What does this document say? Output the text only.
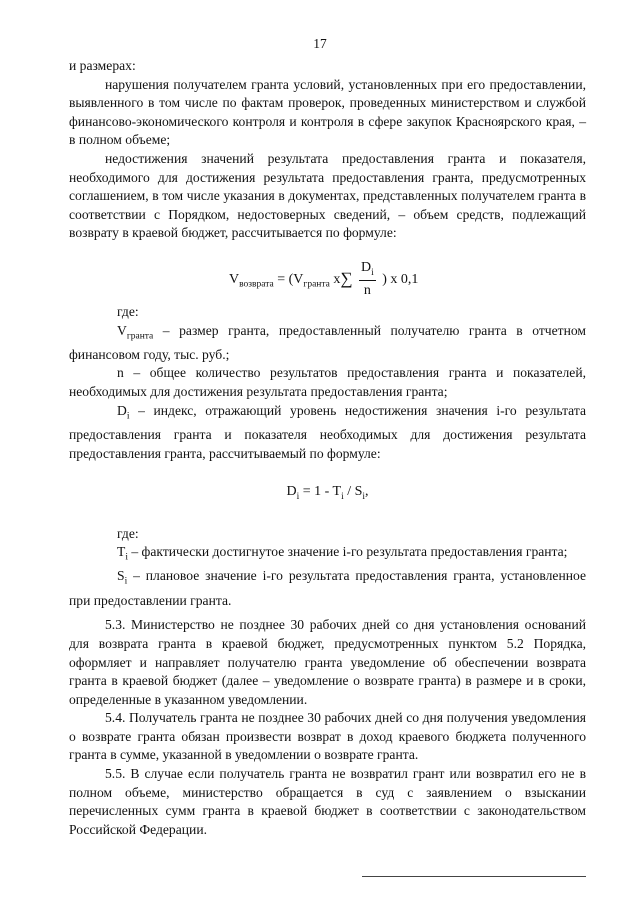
17

и размерах:

нарушения получателем гранта условий, установленных при его предоставлении, выявленного в том числе по фактам проверок, проведенных министерством и службой финансово-экономического контроля и контроля в сфере закупок Красноярского края, – в полном объеме;

недостижения значений результата предоставления гранта и показателя, необходимого для достижения результата предоставления гранта, предусмотренных соглашением, в том числе указания в документах, представленных получателем гранта в соответствии с Порядком, недостоверных сведений, – объем средств, подлежащий возврату в краевой бюджет, рассчитывается по формуле:

$V_{возврата} = (V_{гранта}$ $x\sum \frac{D_i}{n}$ ) x 0,1

где:

$V_{гранта}$ – размер гранта, предоставленный получателю гранта в отчетном финансовом году, тыс. руб.;

n – общее количество результатов предоставления гранта и показателей, необходимых для достижения результата предоставления гранта;

$D_i$ – индекс, отражающий уровень недостижения значения i-го результата предоставления гранта и показателя необходимых для достижения результата предоставления гранта, рассчитываемый по формуле:

$D_i = 1 - T_i / S_i$,

где:

$T_i$ – фактически достигнутое значение i-го результата предоставления гранта;

$S_i$ – плановое значение i-го результата предоставления гранта, установленное при предоставлении гранта.

5.3. Министерство не позднее 30 рабочих дней со дня установления оснований для возврата гранта в краевой бюджет, предусмотренных пунктом 5.2 Порядка, оформляет и направляет получателю гранта уведомление об обеспечении возврата гранта в краевой бюджет (далее – уведомление о возврате гранта) в размере и в сроки, определенные в указанном уведомлении.

5.4. Получатель гранта не позднее 30 рабочих дней со дня получения уведомления о возврате гранта обязан произвести возврат в доход краевого бюджета полученного гранта в сумме, указанной в уведомлении о возврате гранта.

5.5. В случае если получатель гранта не возвратил грант или возвратил его не в полном объеме, министерство обращается в суд с заявлением о взыскании перечисленных сумм гранта в краевой бюджет в соответствии с законодательством Российской Федерации.
